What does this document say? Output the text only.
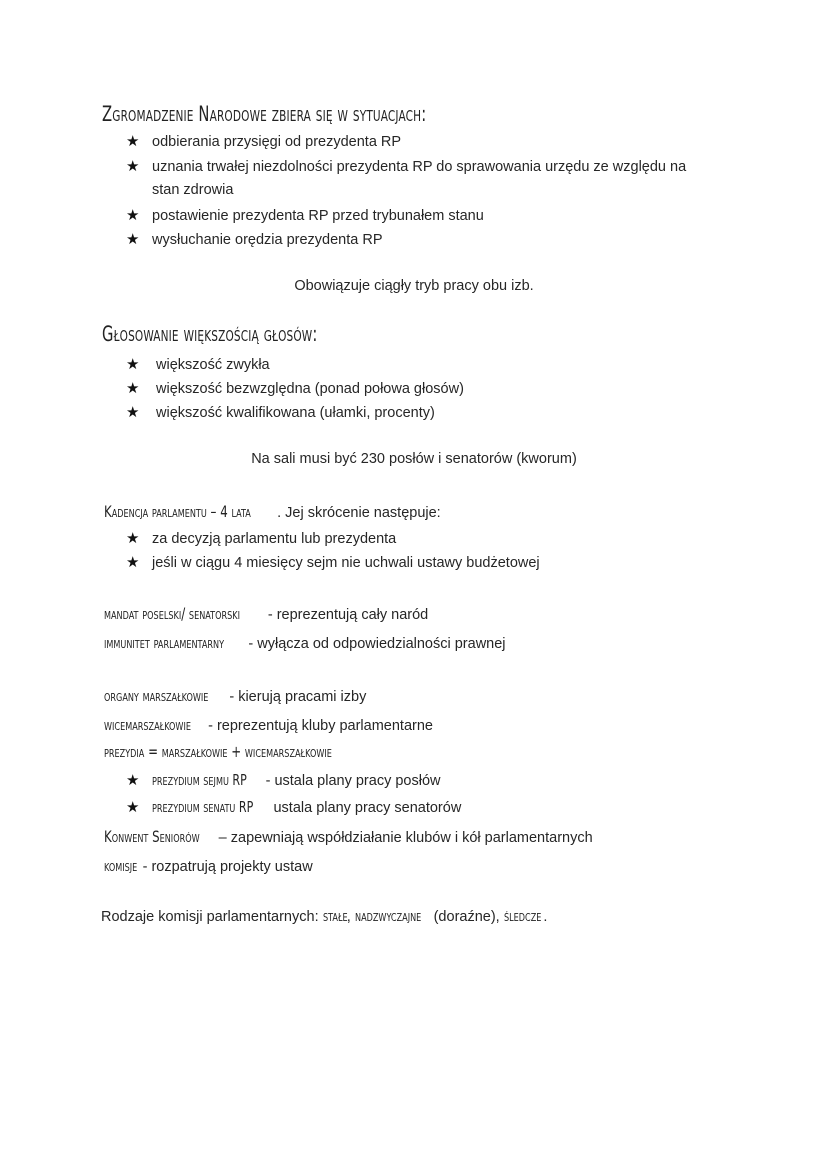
Zgromadzenie Narodowe zbiera się w sytuacjach:
★ odbierania przysięgi od prezydenta RP
★ uznania trwałej niezdolności prezydenta RP do sprawowania urzędu ze względu na
stan zdrowia
★ postawienie prezydenta RP przed trybunałem stanu
★ wysłuchanie orędzia prezydenta RP
Obowiązuje ciągły tryb pracy obu izb.
Głosowanie większością głosów:
★ większość zwykła
★ większość bezwzględna (ponad połowa głosów)
★ większość kwalifikowana (ułamki, procenty)
Na sali musi być 230 posłów i senatorów (kworum)
Kadencja parlamentu – 4 lata . Jej skrócenie następuje:
★ za decyzją parlamentu lub prezydenta
★ jeśli w ciągu 4 miesięcy sejm nie uchwali ustawy budżetowej
mandat poselski/ senatorski - reprezentują cały naród
immunitet parlamentarny - wyłącza od odpowiedzialności prawnej
organy marszałkowie - kierują pracami izby
wicemarszałkowie - reprezentują kluby parlamentarne
prezydia = marszałkowie + wicemarszałkowie
★ prezydium sejmu RP - ustala plany pracy posłów
★ prezydium senatu RP ustala plany pracy senatorów
Konwent Seniorów – zapewniają współdziałanie klubów i kół parlamentarnych
komisje - rozpatrują projekty ustaw
Rodzaje komisji parlamentarnych: stałe, nadzwyczajne (doraźne), śledcze .
